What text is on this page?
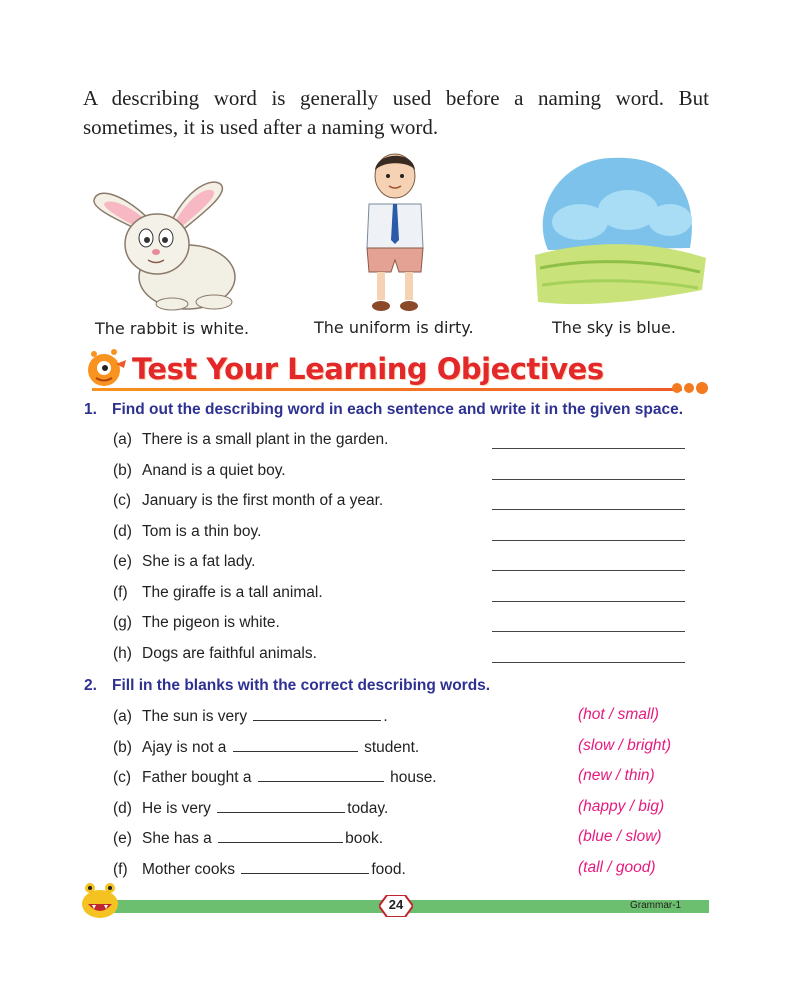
A describing word is generally used before a naming word. But sometimes, it is used after a naming word.
The rabbit is white.	The uniform is dirty.	The sky is blue.
Test Your Learning Objectives
1. Find out the describing word in each sentence and write it in the given space.
(a) There is a small plant in the garden.
(b) Anand is a quiet boy.
(c) January is the first month of a year.
(d) Tom is a thin boy.
(e) She is a fat lady.
(f) The giraffe is a tall animal.
(g) The pigeon is white.
(h) Dogs are faithful animals.
2. Fill in the blanks with the correct describing words.
(a) The sun is very	.	(hot / small)
(b) Ajay is not a	student.	(slow / bright)
(c) Father bought a	house.	(new / thin)
(d) He is very	today.	(happy / big)
(e) She has a	book.	(blue / slow)
(f) Mother cooks	food.	(tall / good)
24	Grammar-1
